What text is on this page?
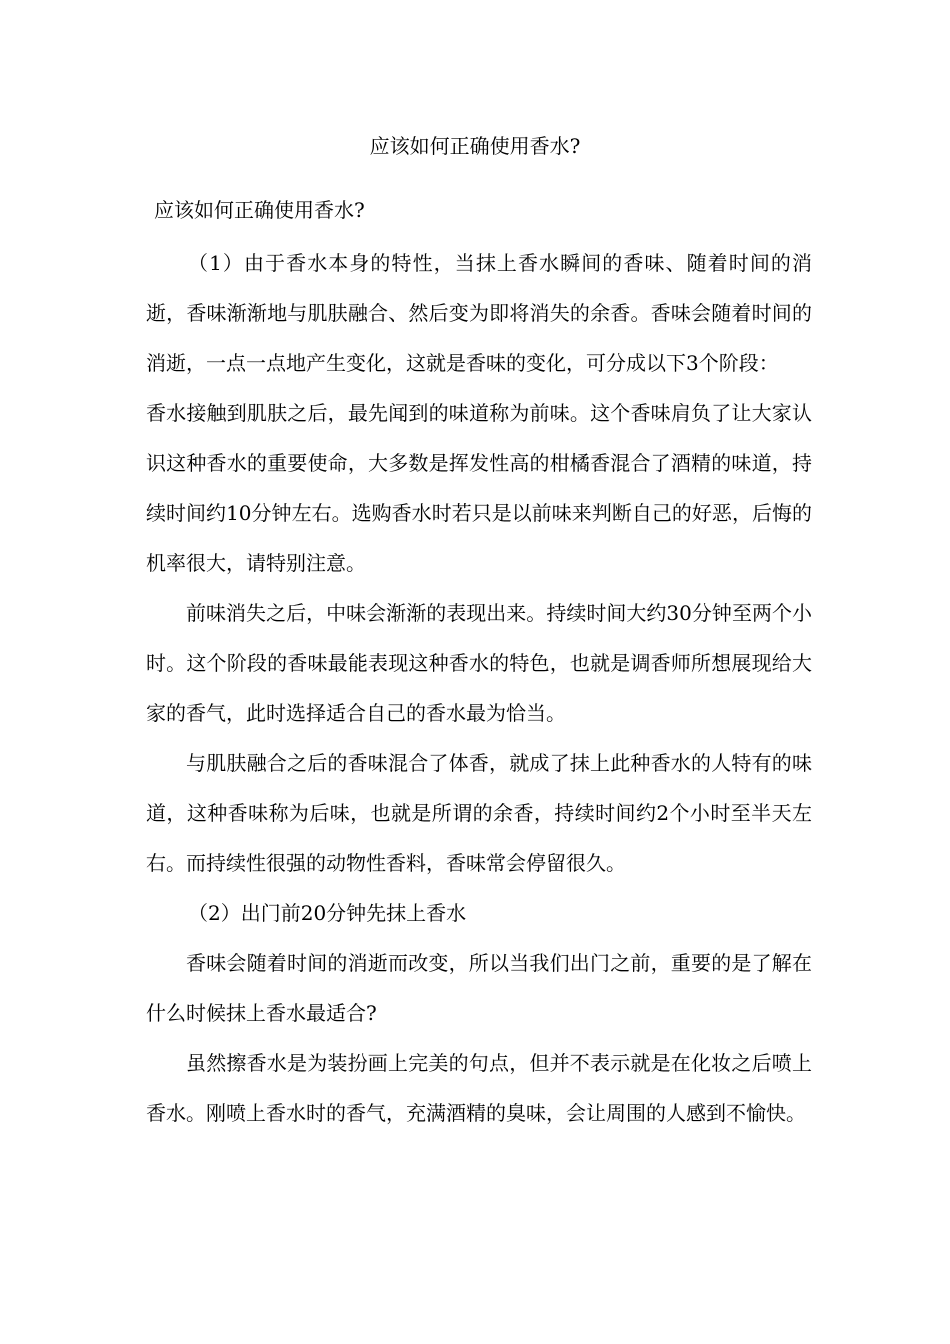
应该如何正确使用香水?
应该如何正确使用香水?

（1）由于香水本身的特性，当抹上香水瞬间的香味、随着时间的消逝，香味渐渐地与肌肤融合、然后变为即将消失的余香。香味会随着时间的消逝，一点一点地产生变化，这就是香味的变化，可分成以下3个阶段：

香水接触到肌肤之后，最先闻到的味道称为前味。这个香味肩负了让大家认识这种香水的重要使命，大多数是挥发性高的柑橘香混合了酒精的味道，持续时间约10分钟左右。选购香水时若只是以前味来判断自己的好恶，后悔的机率很大，请特别注意。

前味消失之后，中味会渐渐的表现出来。持续时间大约30分钟至两个小时。这个阶段的香味最能表现这种香水的特色，也就是调香师所想展现给大家的香气，此时选择适合自己的香水最为恰当。

与肌肤融合之后的香味混合了体香，就成了抹上此种香水的人特有的味道，这种香味称为后味，也就是所谓的余香，持续时间约2个小时至半天左右。而持续性很强的动物性香料，香味常会停留很久。

（2）出门前20分钟先抹上香水

香味会随着时间的消逝而改变，所以当我们出门之前，重要的是了解在什么时候抹上香水最适合?

虽然擦香水是为装扮画上完美的句点，但并不表示就是在化妆之后喷上香水。刚喷上香水时的香气，充满酒精的臭味，会让周围的人感到不愉快。
